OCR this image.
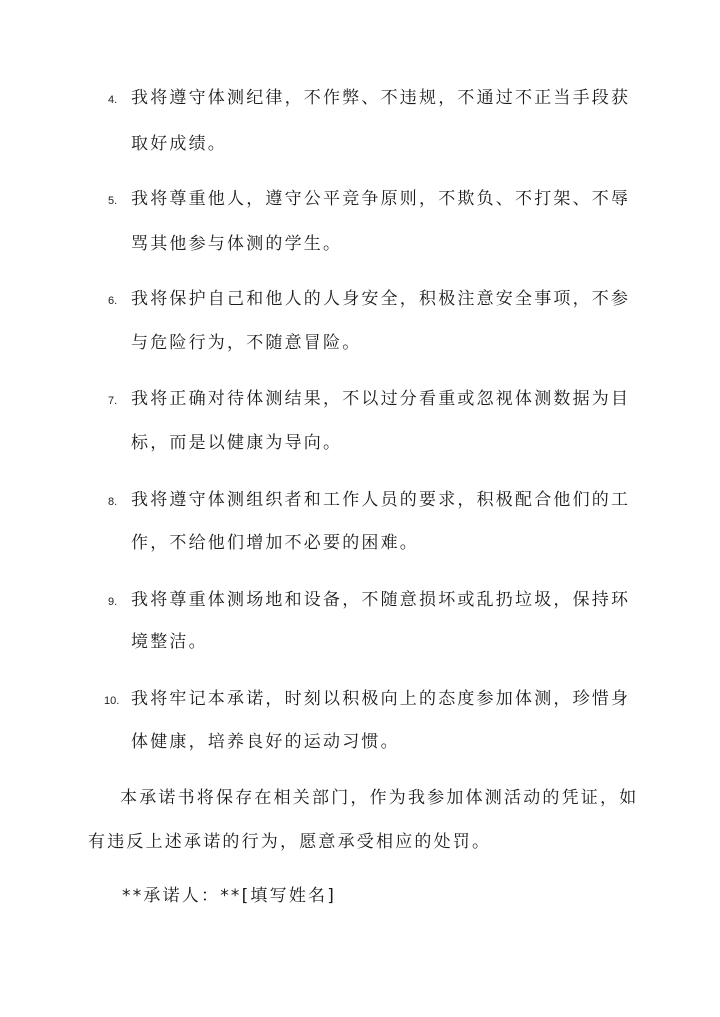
4. 我将遵守体测纪律，不作弊、不违规，不通过不正当手段获
取好成绩。
5. 我将尊重他人，遵守公平竞争原则，不欺负、不打架、不辱
骂其他参与体测的学生。
6. 我将保护自己和他人的人身安全，积极注意安全事项，不参
与危险行为，不随意冒险。
7. 我将正确对待体测结果，不以过分看重或忽视体测数据为目
标，而是以健康为导向。
8. 我将遵守体测组织者和工作人员的要求，积极配合他们的工
作，不给他们增加不必要的困难。
9. 我将尊重体测场地和设备，不随意损坏或乱扔垃圾，保持环
境整洁。
10. 我将牢记本承诺，时刻以积极向上的态度参加体测，珍惜身
体健康，培养良好的运动习惯。
本承诺书将保存在相关部门，作为我参加体测活动的凭证，如
有违反上述承诺的行为，愿意承受相应的处罚。
**承诺人：**[填写姓名]
